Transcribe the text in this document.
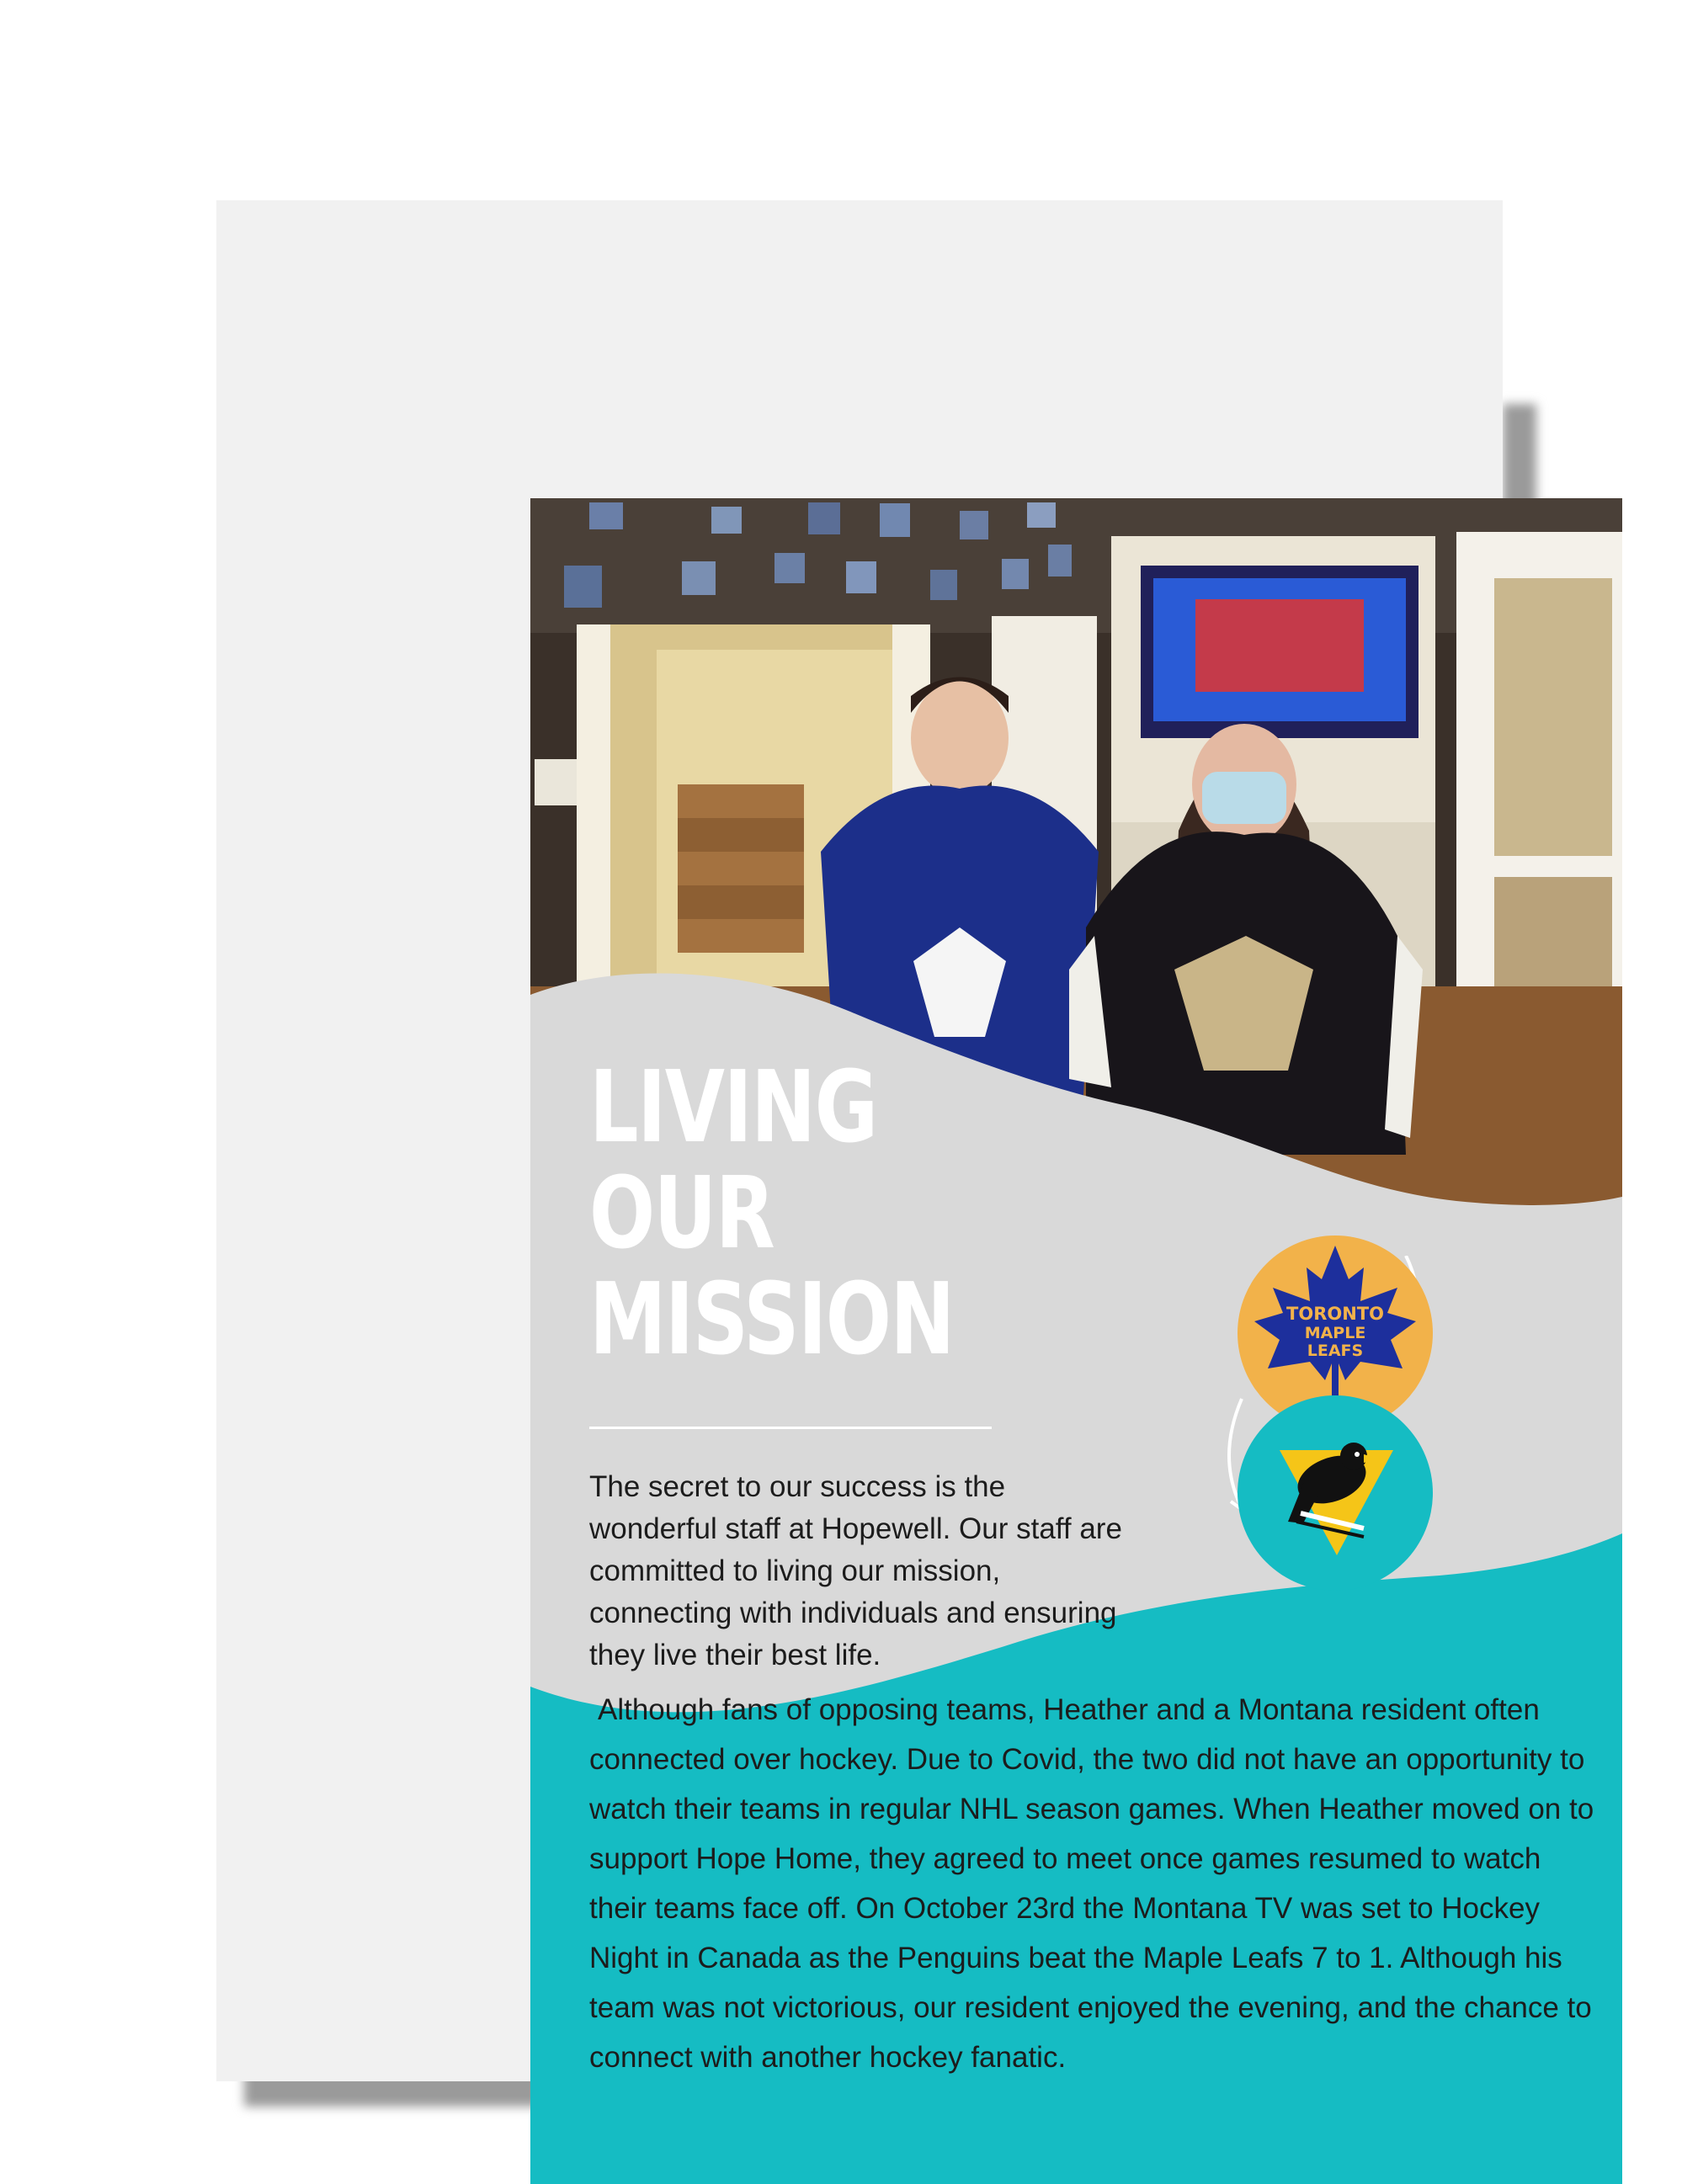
LIVING
OUR
MISSION

The secret to our success is the wonderful staff at Hopewell. Our staff are committed to living our mission, connecting with individuals and ensuring they live their best life.

Although fans of opposing teams, Heather and a Montana resident often connected over hockey. Due to Covid, the two did not have an opportunity to watch their teams in regular NHL season games. When Heather moved on to support Hope Home, they agreed to meet once games resumed to watch their teams face off. On October 23rd the Montana TV was set to Hockey Night in Canada as the Penguins beat the Maple Leafs 7 to 1. Although his team was not victorious, our resident enjoyed the evening, and the chance to connect with another hockey fanatic.

TORONTO
MAPLE
LEAFS
